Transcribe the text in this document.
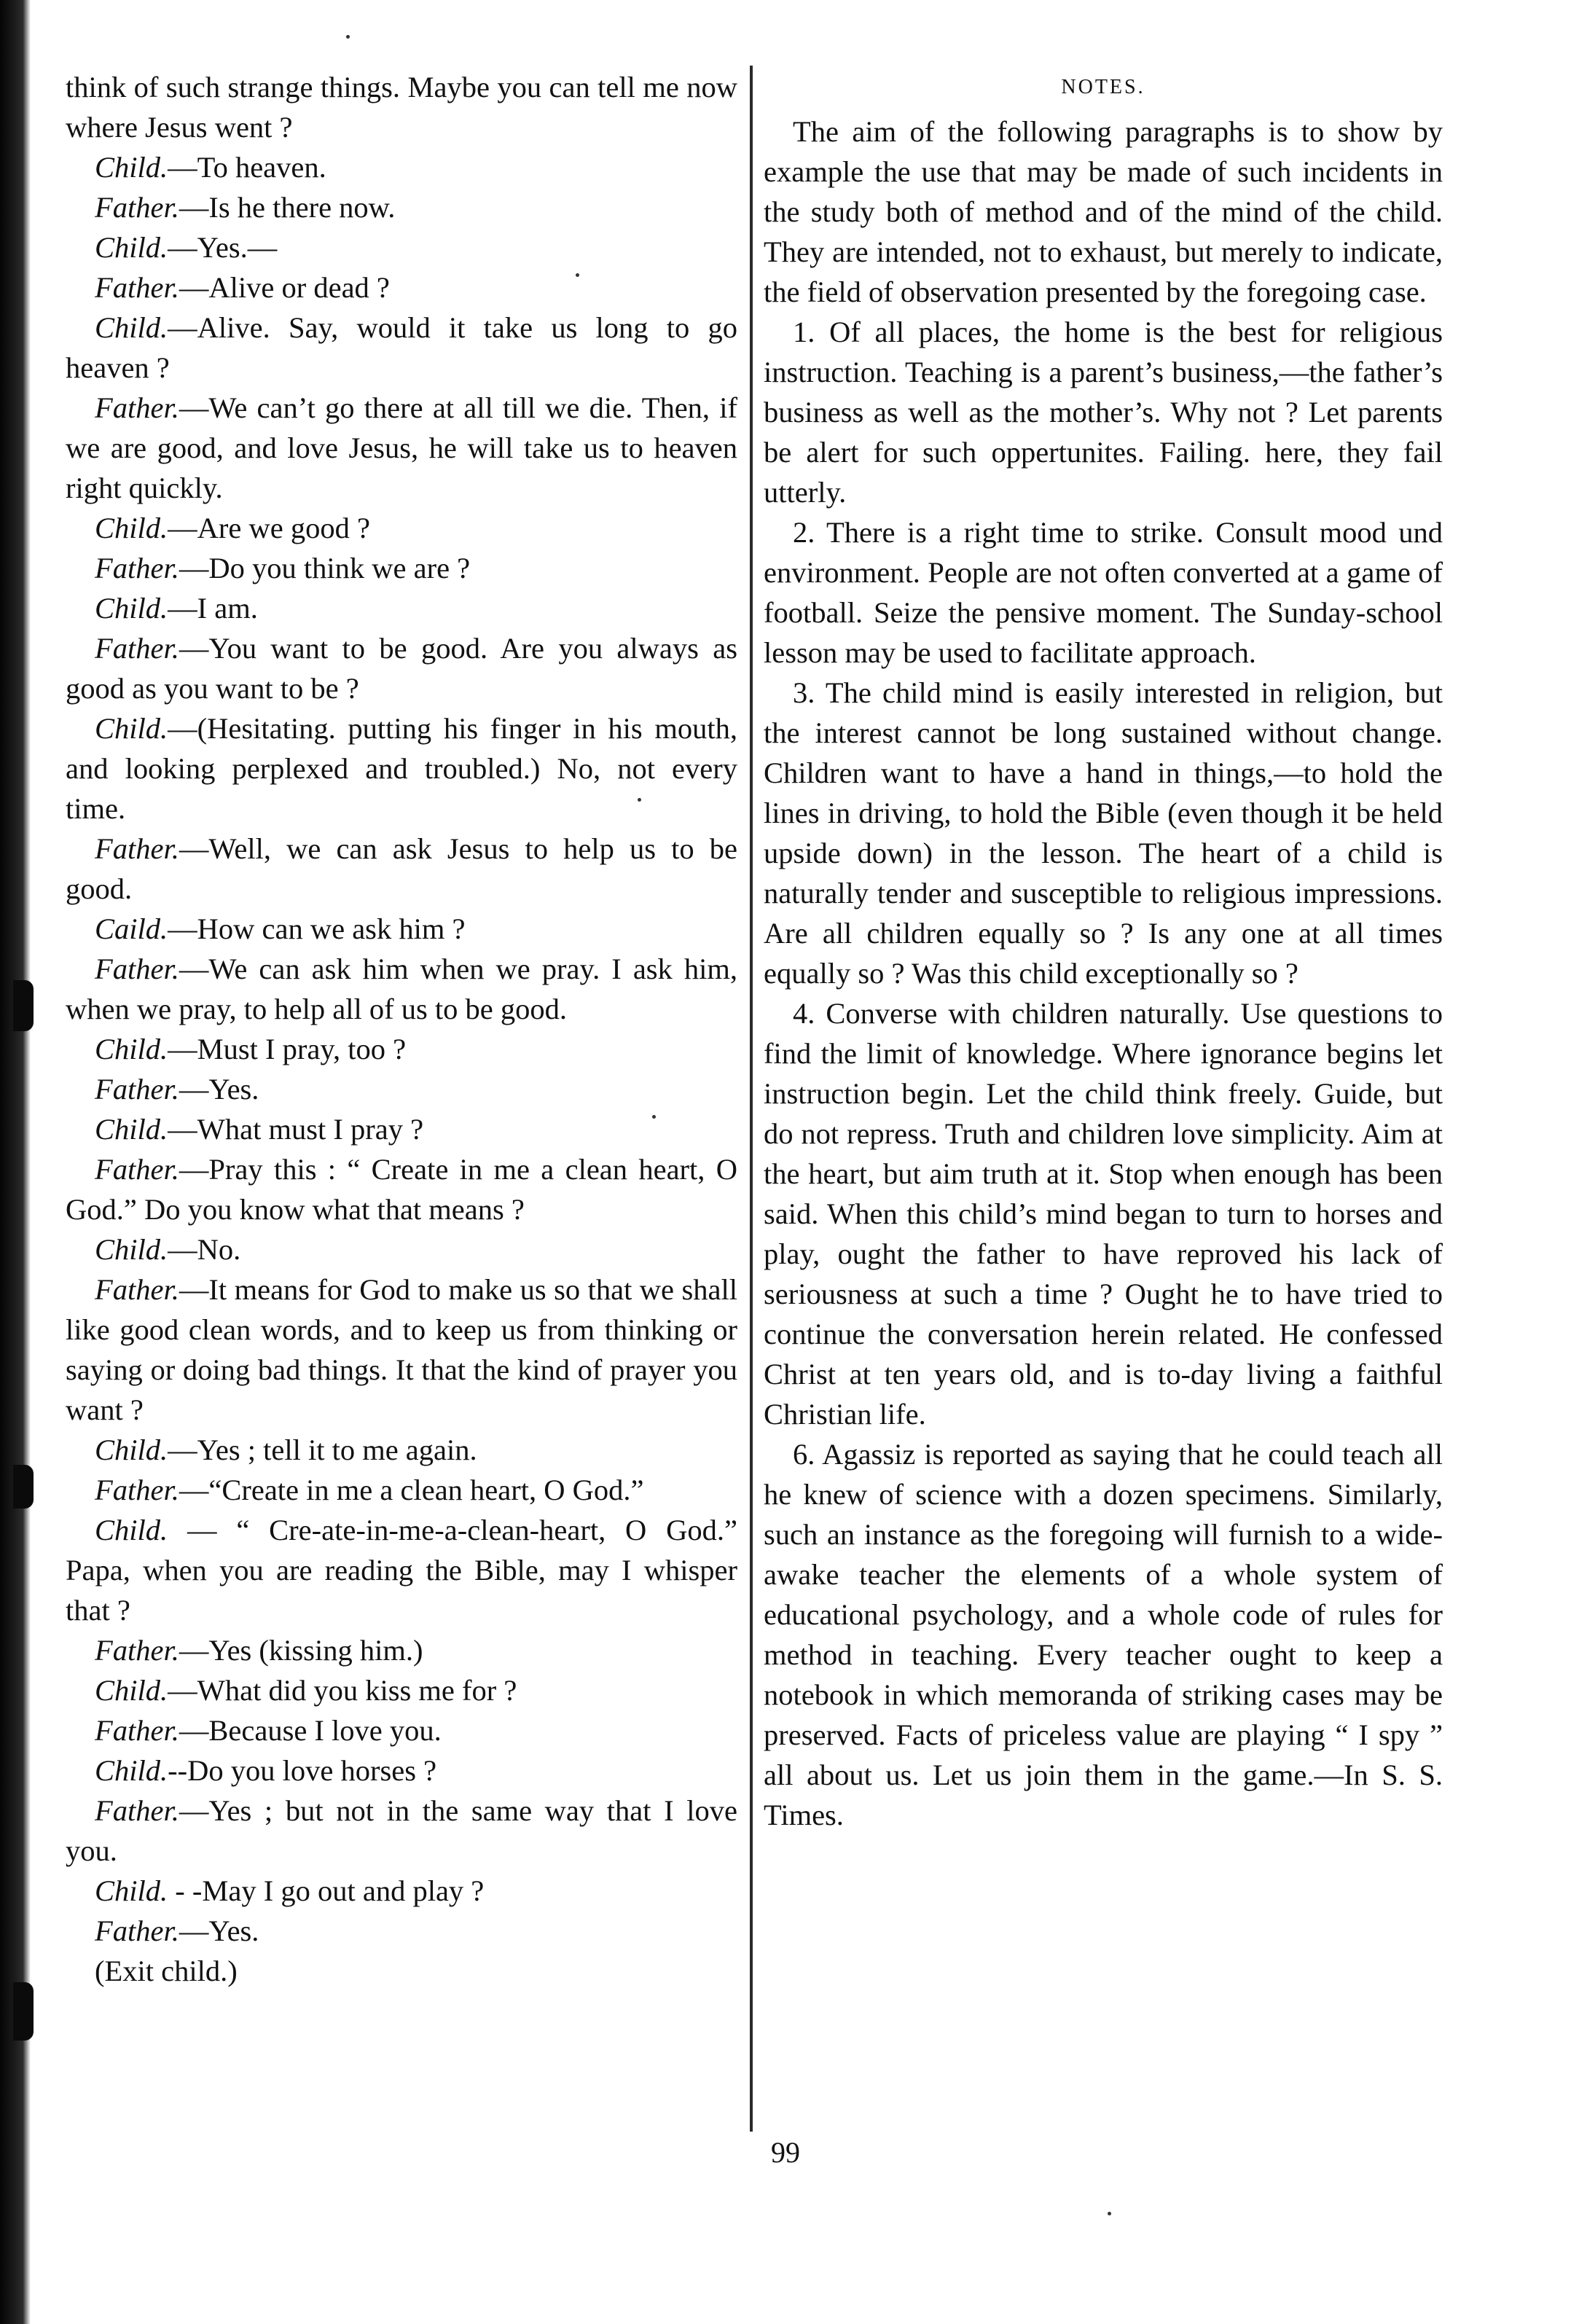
think of such strange things. Maybe you can tell me now where Jesus went ?

Child.—To heaven.

Father.—Is he there now.

Child.—Yes.—

Father.—Alive or dead ?

Child.—Alive. Say, would it take us long to go heaven ?

Father.—We can’t go there at all till we die. Then, if we are good, and love Jesus, he will take us to heaven right quickly.

Child.—Are we good ?

Father.—Do you think we are ?

Child.—I am.

Father.—You want to be good. Are you always as good as you want to be ?

Child.—(Hesitating. putting his finger in his mouth, and looking perplexed and troubled.) No, not every time.

Father.—Well, we can ask Jesus to help us to be good.

Caild.—How can we ask him ?

Father.—We can ask him when we pray. I ask him, when we pray, to help all of us to be good.

Child.—Must I pray, too ?

Father.—Yes.

Child.—What must I pray ?

Father.—Pray this : “ Create in me a clean heart, O God.” Do you know what that means ?

Child.—No.

Father.—It means for God to make us so that we shall like good clean words, and to keep us from thinking or saying or doing bad things. It that the kind of prayer you want ?

Child.—Yes ; tell it to me again.

Father.—“Create in me a clean heart, O God.”

Child. — “ Cre-ate-in-me-a-clean-heart, O God.” Papa, when you are reading the Bible, may I whisper that ?

Father.—Yes (kissing him.)

Child.—What did you kiss me for ?

Father.—Because I love you.

Child.--Do you love horses ?

Father.—Yes ; but not in the same way that I love you.

Child. - -May I go out and play ?

Father.—Yes.

(Exit child.)

NOTES.

The aim of the following paragraphs is to show by example the use that may be made of such incidents in the study both of method and of the mind of the child. They are intended, not to exhaust, but merely to indicate, the field of observation presented by the foregoing case.

1. Of all places, the home is the best for religious instruction. Teaching is a parent’s business,—the father’s business as well as the mother’s. Why not ? Let parents be alert for such oppertunites. Failing. here, they fail utterly.

2. There is a right time to strike. Consult mood und environment. People are not often converted at a game of football. Seize the pensive moment. The Sunday-school lesson may be used to facilitate approach.

3. The child mind is easily interested in religion, but the interest cannot be long sustained without change. Children want to have a hand in things,—to hold the lines in driving, to hold the Bible (even though it be held upside down) in the lesson. The heart of a child is naturally tender and susceptible to religious impressions. Are all children equally so ? Is any one at all times equally so ? Was this child exceptionally so ?

4. Converse with children naturally. Use questions to find the limit of knowledge. Where ignorance begins let instruction begin. Let the child think freely. Guide, but do not repress. Truth and children love simplicity. Aim at the heart, but aim truth at it. Stop when enough has been said. When this child’s mind began to turn to horses and play, ought the father to have reproved his lack of seriousness at such a time ? Ought he to have tried to continue the conversation herein related. He confessed Christ at ten years old, and is to-day living a faithful Christian life.

6. Agassiz is reported as saying that he could teach all he knew of science with a dozen specimens. Similarly, such an instance as the foregoing will furnish to a wide-awake teacher the elements of a whole system of educational psychology, and a whole code of rules for method in teaching. Every teacher ought to keep a notebook in which memoranda of striking cases may be preserved. Facts of priceless value are playing “ I spy ” all about us. Let us join them in the game.—In S. S. Times.

99
